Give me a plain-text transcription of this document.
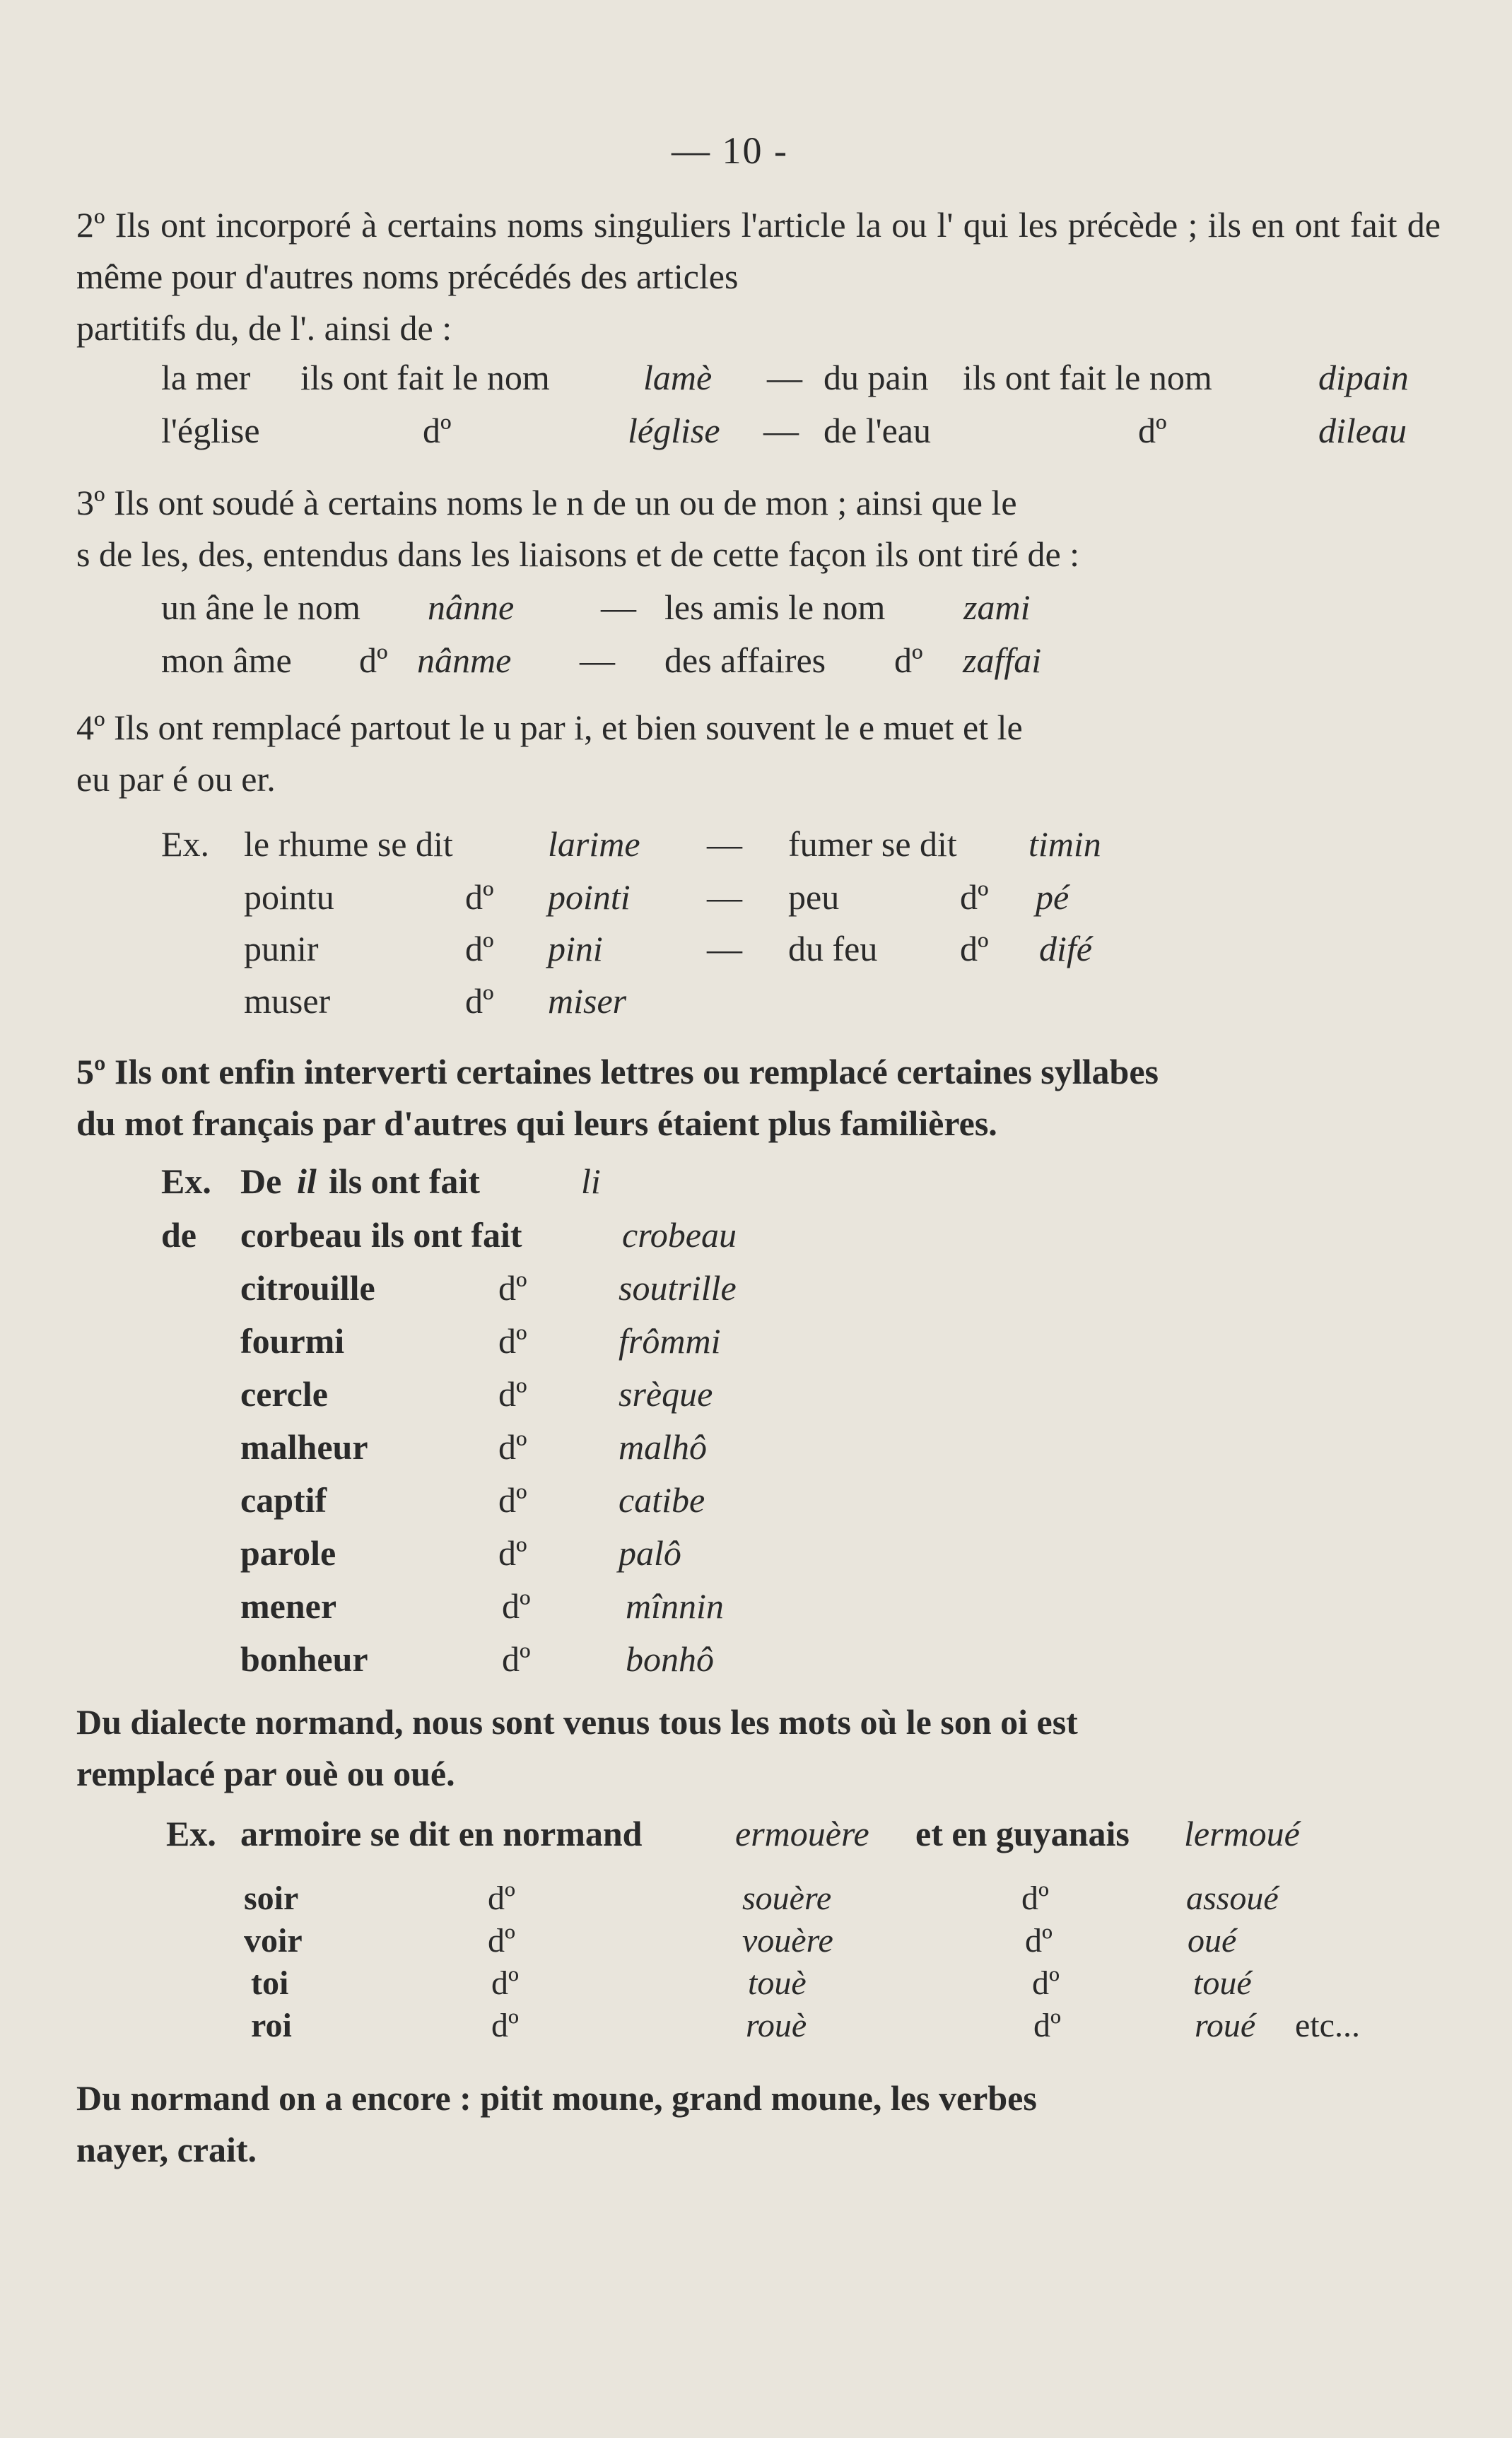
— 10 -
2º Ils ont incorporé à certains noms singuliers l'article la ou l' qui les précède ; ils en ont fait de même pour d'autres noms précédés des articles
partitifs du, de l'. ainsi de :
la mer ils ont fait le nom	lamè — du pain ils ont fait le nom	dipain
l'église	dº	léglise — de l'eau	dº	dileau
3º Ils ont soudé à certains noms le n de un ou de mon ; ainsi que le
s de les, des, entendus dans les liaisons et de cette façon ils ont tiré de :
un âne le nom nânne — les amis le nom zami
mon âme dº nânme — des affaires dº zaffai
4º Ils ont remplacé partout le u par i, et bien souvent le e muet et le
eu par é ou er.
Ex. le rhume se dit	larime — fumer se dit timin
pointu	dº pointi — peu	dº pé
punir	dº pini	— du feu dº difé
muser	dº miser
5º Ils ont enfin interverti certaines lettres ou remplacé certaines syllabes
du mot français par d'autres qui leurs étaient plus familières.
Ex. De il ils ont fait	li
de corbeau ils ont fait	crobeau
citrouille	dº	soutrille
fourmi	dº	frômmi
cercle	dº	srèque
malheur	dº	malhô
captif	dº	catibe
parole	dº	palô
mener	dº	mînnin
bonheur	dº	bonhô
Du dialecte normand, nous sont venus tous les mots où le son oi est
remplacé par ouè ou oué.
Ex. armoire se dit en normand	ermouère et en guyanais lermoué
soir	dº	souère	dº	assoué
voir	dº	vouère	dº	oué
toi	dº	touè	dº	toué
roi	dº	rouè	dº	roué etc...
Du normand on a encore : pitit moune, grand moune, les verbes
nayer, crait.
